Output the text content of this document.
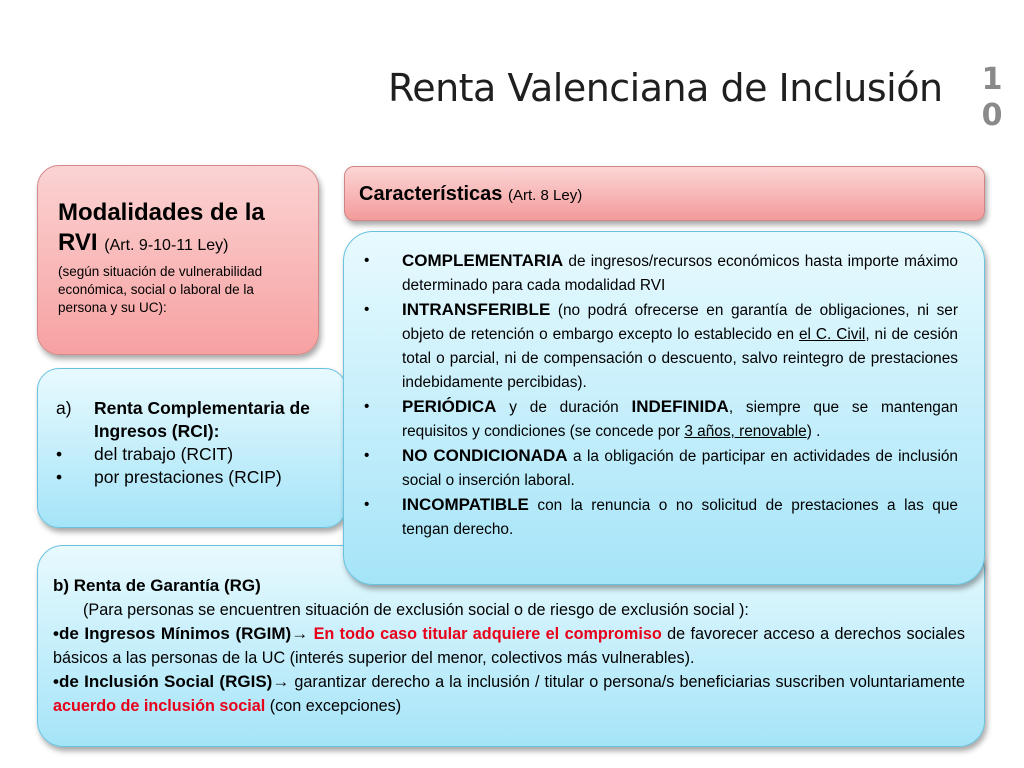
Renta Valenciana de Inclusión 1
0
Modalidades de la RVI (Art. 9-10-11 Ley)
(según situación de vulnerabilidad económica, social o laboral de la persona y su UC):
a)	Renta Complementaria de Ingresos (RCI):
•	del trabajo (RCIT)
•	por prestaciones (RCIP)
Características (Art. 8 Ley)
b) Renta de Garantía (RG)
(Para personas se encuentren situación de exclusión social o de riesgo de exclusión social ):
•de Ingresos Mínimos (RGIM)→ En todo caso titular adquiere el compromiso de favorecer acceso a derechos sociales básicos a las personas de la UC (interés superior del menor, colectivos más vulnerables).
•de Inclusión Social (RGIS)→ garantizar derecho a la inclusión / titular o persona/s beneficiarias suscriben voluntariamente acuerdo de inclusión social (con excepciones)
•	COMPLEMENTARIA de ingresos/recursos económicos hasta importe máximo determinado para cada modalidad RVI
•	INTRANSFERIBLE (no podrá ofrecerse en garantía de obligaciones, ni ser objeto de retención o embargo excepto lo establecido en el C. Civil, ni de cesión total o parcial, ni de compensación o descuento, salvo reintegro de prestaciones indebidamente percibidas).
•	PERIÓDICA y de duración INDEFINIDA, siempre que se mantengan requisitos y condiciones (se concede por 3 años, renovable) .
•	NO CONDICIONADA a la obligación de participar en actividades de inclusión social o inserción laboral.
•	INCOMPATIBLE con la renuncia o no solicitud de prestaciones a las que tengan derecho.
